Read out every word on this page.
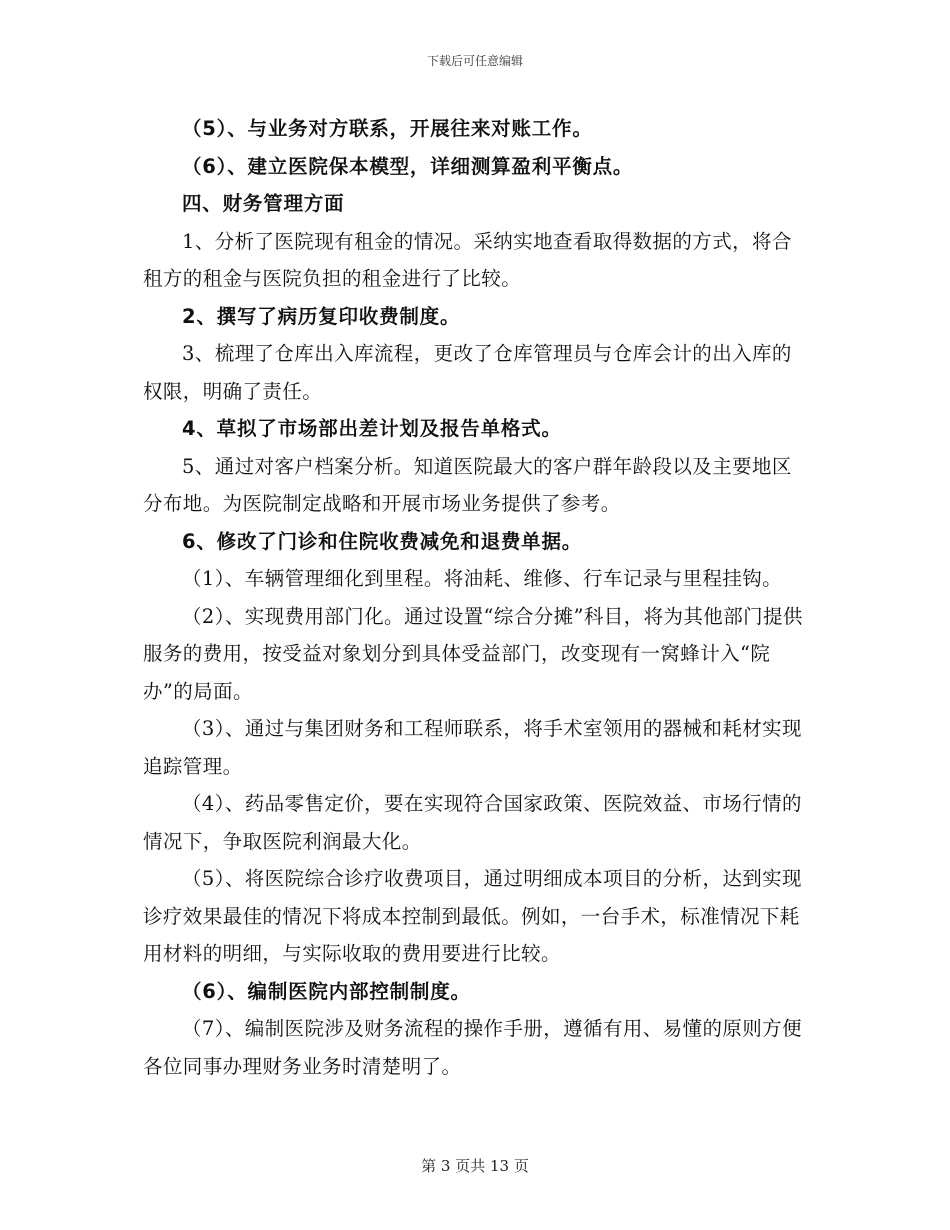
下载后可任意编辑

（5）、与业务对方联系，开展往来对账工作。

（6）、建立医院保本模型，详细测算盈利平衡点。

四、财务管理方面

1、分析了医院现有租金的情况。采纳实地查看取得数据的方式，将合租方的租金与医院负担的租金进行了比较。

2、撰写了病历复印收费制度。

3、梳理了仓库出入库流程，更改了仓库管理员与仓库会计的出入库的权限，明确了责任。

4、草拟了市场部出差计划及报告单格式。

5、通过对客户档案分析。知道医院最大的客户群年龄段以及主要地区分布地。为医院制定战略和开展市场业务提供了参考。

6、修改了门诊和住院收费减免和退费单据。

（1）、车辆管理细化到里程。将油耗、维修、行车记录与里程挂钩。

（2）、实现费用部门化。通过设置“综合分摊”科目，将为其他部门提供服务的费用，按受益对象划分到具体受益部门，改变现有一窝蜂计入“院办”的局面。

（3）、通过与集团财务和工程师联系，将手术室领用的器械和耗材实现追踪管理。

（4）、药品零售定价，要在实现符合国家政策、医院效益、市场行情的情况下，争取医院利润最大化。

（5）、将医院综合诊疗收费项目，通过明细成本项目的分析，达到实现诊疗效果最佳的情况下将成本控制到最低。例如，一台手术，标准情况下耗用材料的明细，与实际收取的费用要进行比较。

（6）、编制医院内部控制制度。

（7）、编制医院涉及财务流程的操作手册，遵循有用、易懂的原则方便各位同事办理财务业务时清楚明了。

第 3 页共 13 页
